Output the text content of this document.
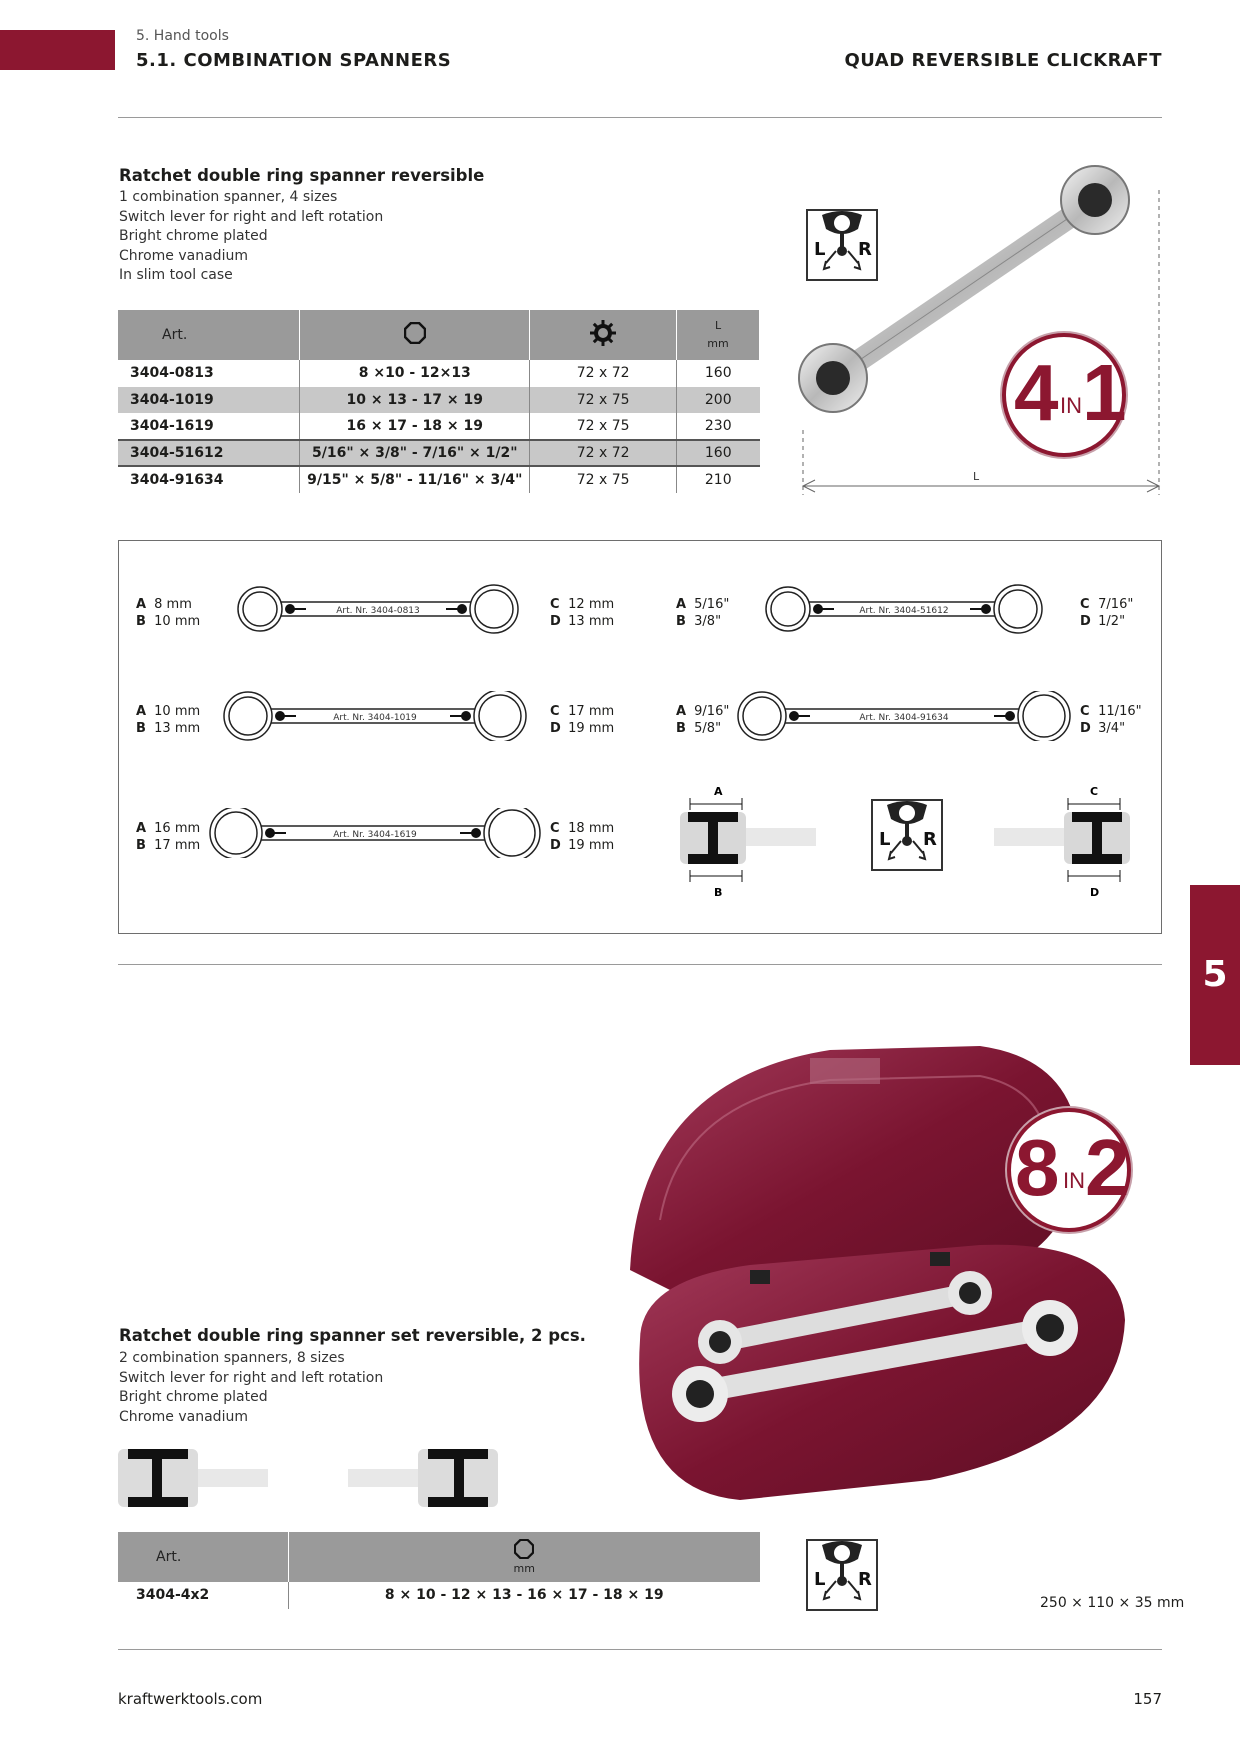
5. Hand tools
5.1. COMBINATION SPANNERS	QUAD REVERSIBLE CLICKRAFT
Ratchet double ring spanner reversible
1 combination spanner, 4 sizes
Switch lever for right and left rotation
Bright chrome plated
Chrome vanadium
In slim tool case
Art.			L
mm

3404-0813	8 ×10 - 12×13	72 x 72	160
3404-1019	10 × 13 - 17 × 19	72 x 75	200
3404-1619	16 × 17 - 18 × 19	72 x 75	230
3404-51612	5/16" × 3/8" - 7/16" × 1/2"	72 x 72	160
3404-91634	9/15" × 5/8" - 11/16" × 3/4"	72 x 75	210
L R
L
4 IN 1
A 8 mm
B 10 mm
C 12 mm
D 13 mm
Art. Nr. 3404-0813
A 10 mm
B 13 mm
C 17 mm
D 19 mm
Art. Nr. 3404-1019
A 16 mm
B 17 mm
C 18 mm
D 19 mm
Art. Nr. 3404-1619
A 5/16"
B 3/8"
C 7/16"
D 1/2"
Art. Nr. 3404-51612
A 9/16"
B 5/8"
C 11/16"
D 3/4"
Art. Nr. 3404-91634
A
B
C
D
L R
5
8 IN 2
Ratchet double ring spanner set reversible, 2 pcs.
2 combination spanners, 8 sizes
Switch lever for right and left rotation
Bright chrome plated
Chrome vanadium
Art.	mm

3404-4x2	8 × 10 - 12 × 13 - 16 × 17 - 18 × 19
L R
250 × 110 × 35 mm
kraftwerktools.com	157
